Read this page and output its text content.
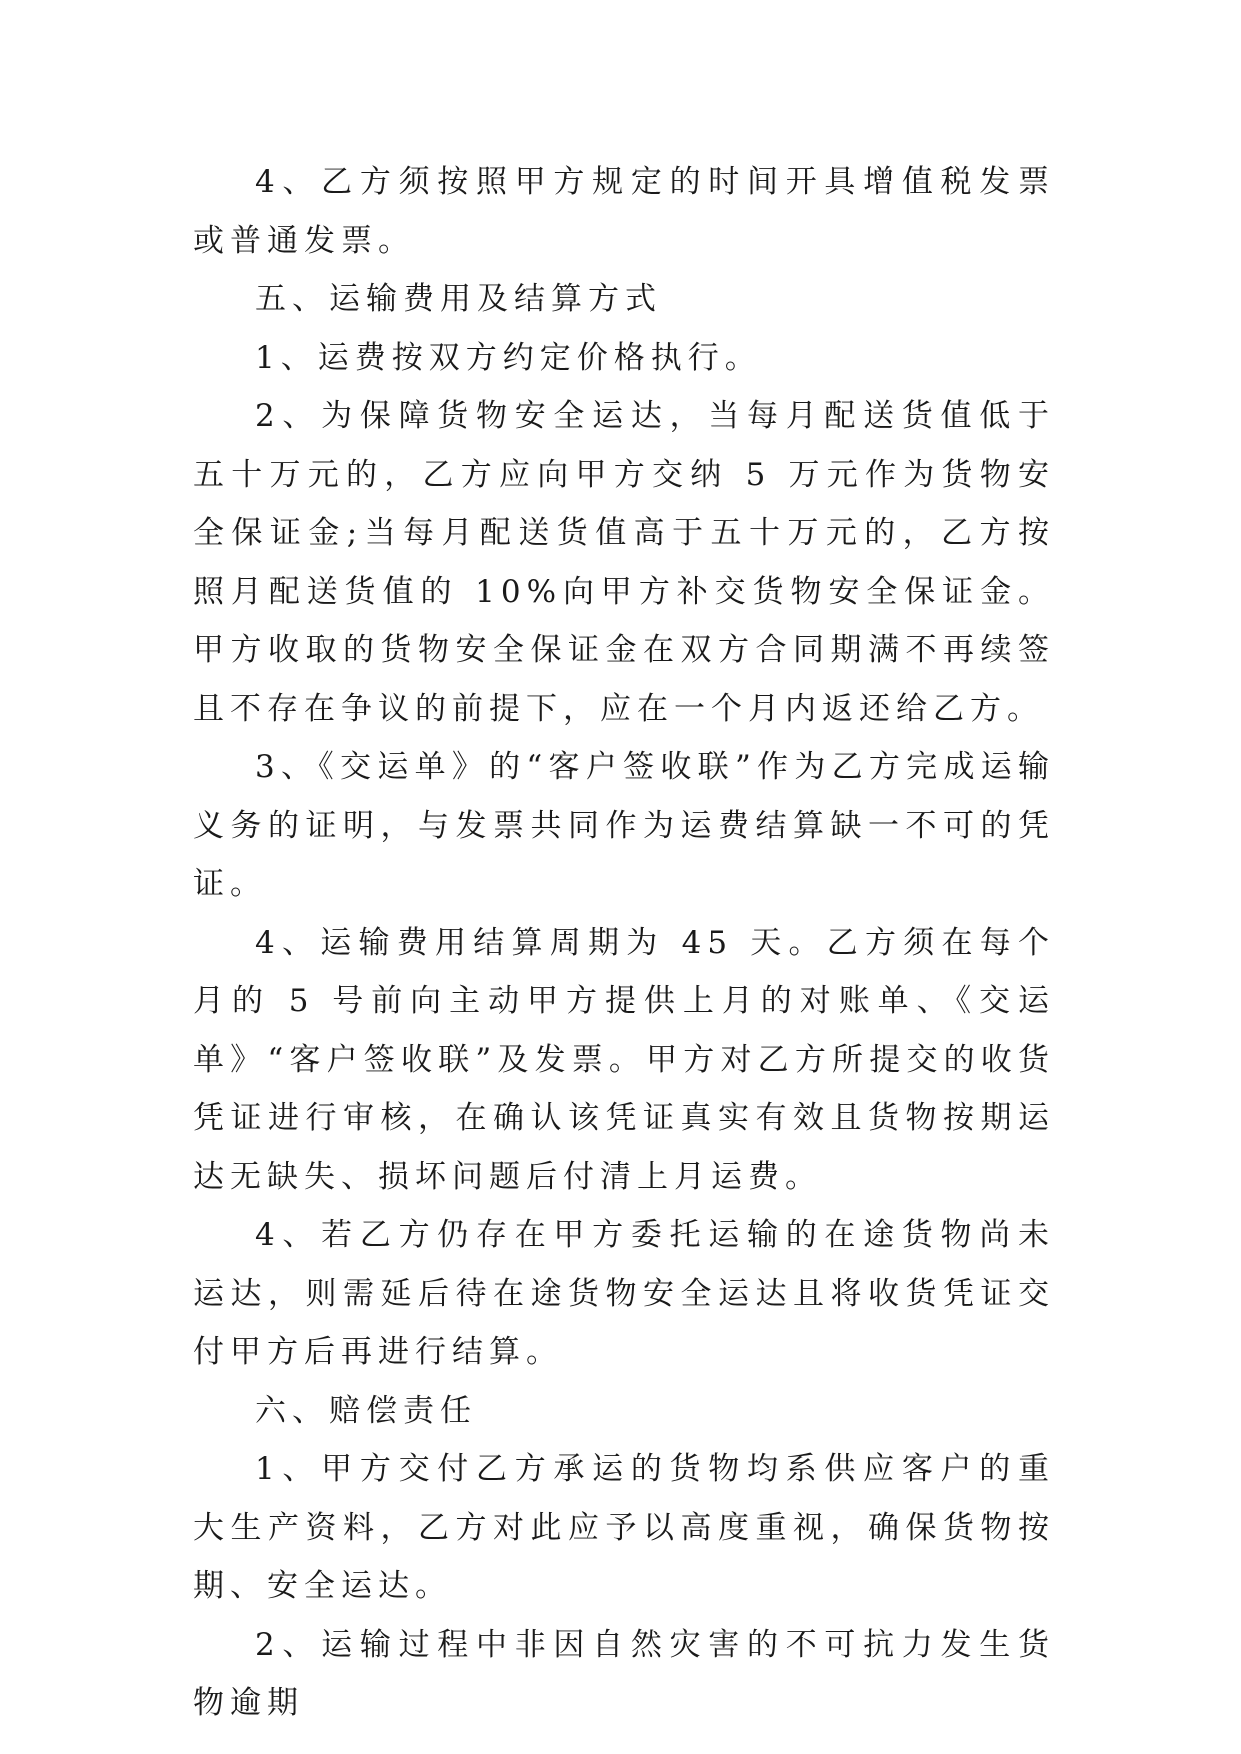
4、乙方须按照甲方规定的时间开具增值税发票或普通发票。

五、运输费用及结算方式

1、运费按双方约定价格执行。

2、为保障货物安全运达，当每月配送货值低于五十万元的，乙方应向甲方交纳 5 万元作为货物安全保证金;当每月配送货值高于五十万元的，乙方按照月配送货值的 10%向甲方补交货物安全保证金。甲方收取的货物安全保证金在双方合同期满不再续签且不存在争议的前提下，应在一个月内返还给乙方。

3、《交运单》的“客户签收联”作为乙方完成运输义务的证明，与发票共同作为运费结算缺一不可的凭证。

4、运输费用结算周期为 45 天。乙方须在每个月的 5 号前向主动甲方提供上月的对账单、《交运单》“客户签收联”及发票。甲方对乙方所提交的收货凭证进行审核，在确认该凭证真实有效且货物按期运达无缺失、损坏问题后付清上月运费。

4、若乙方仍存在甲方委托运输的在途货物尚未运达，则需延后待在途货物安全运达且将收货凭证交付甲方后再进行结算。

六、赔偿责任

1、甲方交付乙方承运的货物均系供应客户的重大生产资料，乙方对此应予以高度重视，确保货物按期、安全运达。

2、运输过程中非因自然灾害的不可抗力发生货物逾期
